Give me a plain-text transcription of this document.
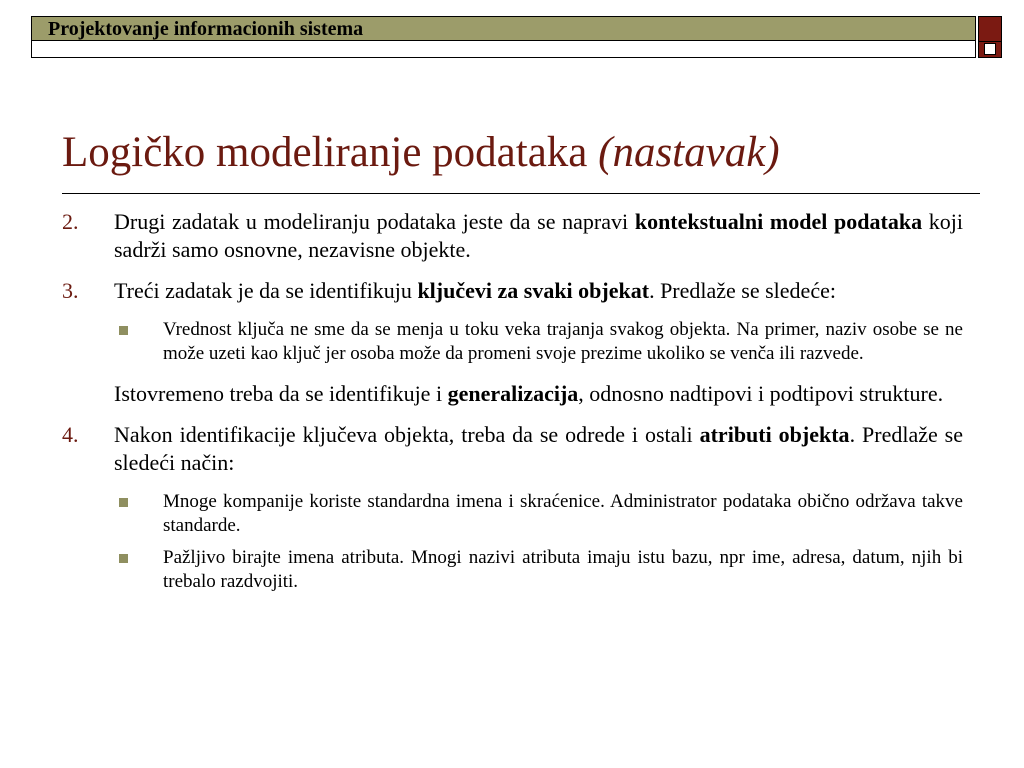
Projektovanje informacionih sistema
Logičko modeliranje podataka (nastavak)
2. Drugi zadatak u modeliranju podataka jeste da se napravi kontekstualni model podataka koji sadrži samo osnovne, nezavisne objekte.
3. Treći zadatak je da se identifikuju ključevi za svaki objekat. Predlaže se sledeće:
Vrednost ključa ne sme da se menja u toku veka trajanja svakog objekta. Na primer, naziv osobe se ne može uzeti kao ključ jer osoba može da promeni svoje prezime ukoliko se venča ili razvede.
Istovremeno treba da se identifikuje i generalizacija, odnosno nadtipovi i podtipovi strukture.
4. Nakon identifikacije ključeva objekta, treba da se odrede i ostali atributi objekta. Predlaže se sledeći način:
Mnoge kompanije koriste standardna imena i skraćenice. Administrator podataka obično održava takve standarde.
Pažljivo birajte imena atributa. Mnogi nazivi atributa imaju istu bazu, npr ime, adresa, datum, njih bi trebalo razdvojiti.
